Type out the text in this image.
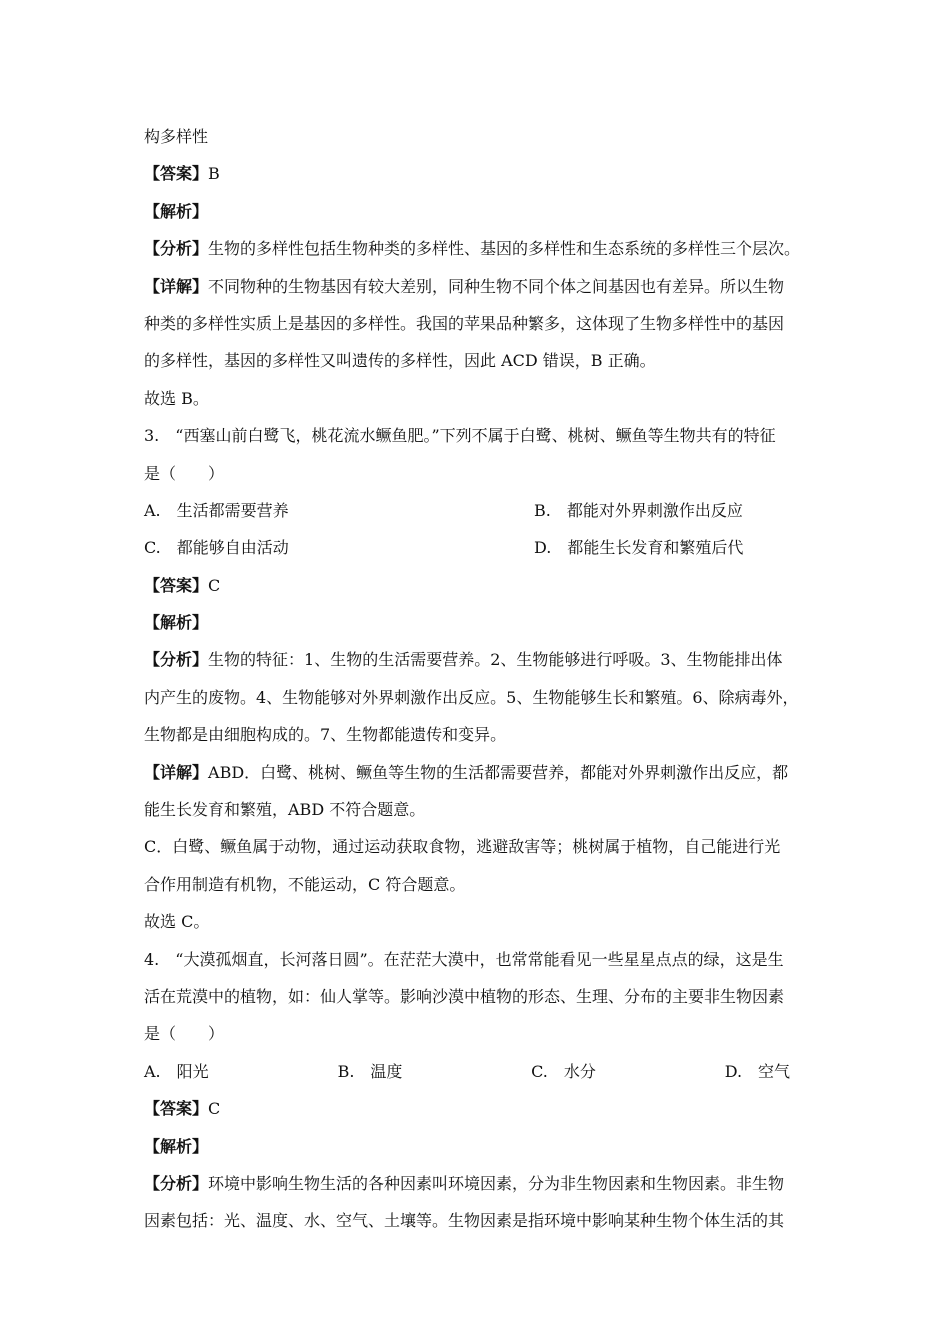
构多样性
【答案】B
【解析】
【分析】生物的多样性包括生物种类的多样性、基因的多样性和生态系统的多样性三个层次。
【详解】不同物种的生物基因有较大差别，同种生物不同个体之间基因也有差异。所以生物
种类的多样性实质上是基因的多样性。我国的苹果品种繁多，这体现了生物多样性中的基因
的多样性，基因的多样性又叫遗传的多样性，因此 ACD 错误，B 正确。
故选 B。
3.　“西塞山前白鹭飞，桃花流水鳜鱼肥。”下列不属于白鹭、桃树、鳜鱼等生物共有的特征
是（　　）
A.　生活都需要营养	B.　都能对外界刺激作出反应
C.　都能够自由活动	D.　都能生长发育和繁殖后代
【答案】C
【解析】
【分析】生物的特征：1、生物的生活需要营养。2、生物能够进行呼吸。3、生物能排出体
内产生的废物。4、生物能够对外界刺激作出反应。5、生物能够生长和繁殖。6、除病毒外，
生物都是由细胞构成的。7、生物都能遗传和变异。
【详解】ABD．白鹭、桃树、鳜鱼等生物的生活都需要营养，都能对外界刺激作出反应，都
能生长发育和繁殖，ABD 不符合题意。
C．白鹭、鳜鱼属于动物，通过运动获取食物，逃避敌害等；桃树属于植物，自己能进行光
合作用制造有机物，不能运动，C 符合题意。
故选 C。
4.　“大漠孤烟直，长河落日圆”。在茫茫大漠中，也常常能看见一些星星点点的绿，这是生
活在荒漠中的植物，如：仙人掌等。影响沙漠中植物的形态、生理、分布的主要非生物因素
是（　　）
A.　阳光	B.　温度	C.　水分	D.　空气
【答案】C
【解析】
【分析】环境中影响生物生活的各种因素叫环境因素，分为非生物因素和生物因素。非生物
因素包括：光、温度、水、空气、土壤等。生物因素是指环境中影响某种生物个体生活的其
